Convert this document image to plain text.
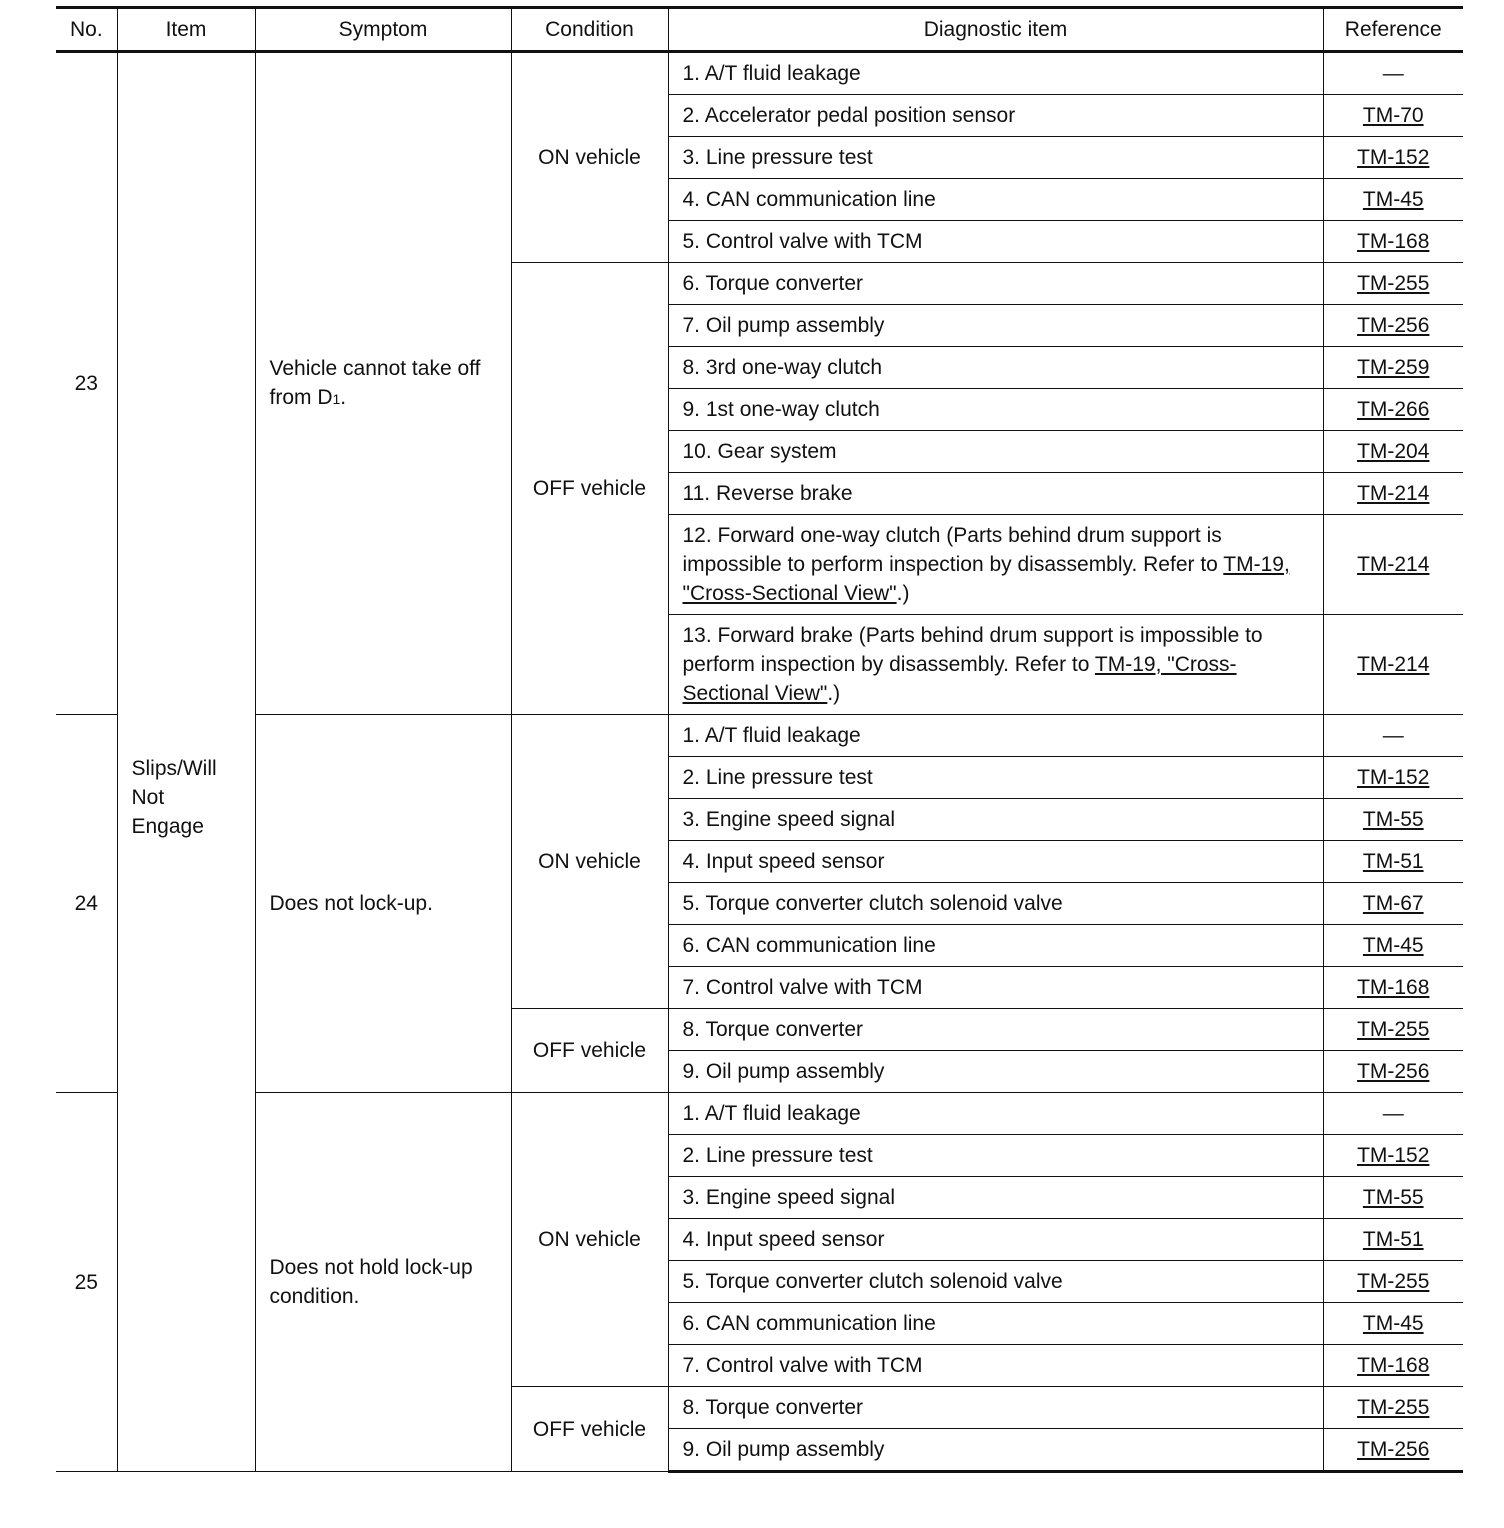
No.	Item	Symptom	Condition	Diagnostic item	Reference
23	Slips/Will Not Engage	Vehicle cannot take off from D1.	ON vehicle	1. A/T fluid leakage	—
				2. Accelerator pedal position sensor	TM-70
				3. Line pressure test	TM-152
				4. CAN communication line	TM-45
				5. Control valve with TCM	TM-168
			OFF vehicle	6. Torque converter	TM-255
				7. Oil pump assembly	TM-256
				8. 3rd one-way clutch	TM-259
				9. 1st one-way clutch	TM-266
				10. Gear system	TM-204
				11. Reverse brake	TM-214
				12. Forward one-way clutch (Parts behind drum support is impossible to perform inspection by disassembly. Refer to TM-19, "Cross-Sectional View".)	TM-214
				13. Forward brake (Parts behind drum support is impossible to perform inspection by disassembly. Refer to TM-19, "Cross-Sectional View".)	TM-214
24		Does not lock-up.	ON vehicle	1. A/T fluid leakage	—
				2. Line pressure test	TM-152
				3. Engine speed signal	TM-55
				4. Input speed sensor	TM-51
				5. Torque converter clutch solenoid valve	TM-67
				6. CAN communication line	TM-45
				7. Control valve with TCM	TM-168
			OFF vehicle	8. Torque converter	TM-255
				9. Oil pump assembly	TM-256
25		Does not hold lock-up condition.	ON vehicle	1. A/T fluid leakage	—
				2. Line pressure test	TM-152
				3. Engine speed signal	TM-55
				4. Input speed sensor	TM-51
				5. Torque converter clutch solenoid valve	TM-255
				6. CAN communication line	TM-45
				7. Control valve with TCM	TM-168
			OFF vehicle	8. Torque converter	TM-255
				9. Oil pump assembly	TM-256
